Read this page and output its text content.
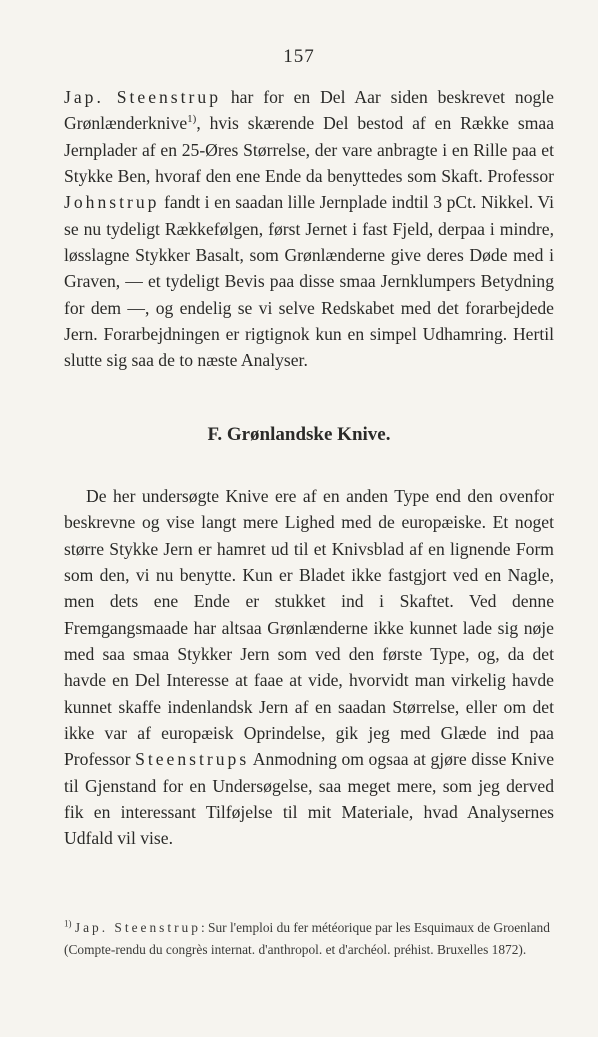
157

Jap. Steenstrup har for en Del Aar siden beskrevet nogle Grønlænderknive$^{1)}$, hvis skærende Del bestod af en Række smaa Jernplader af en 25-Øres Størrelse, der vare anbragte i en Rille paa et Stykke Ben, hvoraf den ene Ende da benyttedes som Skaft. Professor Johnstrup fandt i en saadan lille Jernplade indtil 3 pCt. Nikkel. Vi se nu tydeligt Rækkefølgen, først Jernet i fast Fjeld, derpaa i mindre, løsslagne Stykker Basalt, som Grønlænderne give deres Døde med i Graven, — et tydeligt Bevis paa disse smaa Jernklumpers Betydning for dem —, og endelig se vi selve Redskabet med det forarbejdede Jern. Forarbejdningen er rigtignok kun en simpel Udhamring. Hertil slutte sig saa de to næste Analyser.

F. Grønlandske Knive.

De her undersøgte Knive ere af en anden Type end den ovenfor beskrevne og vise langt mere Lighed med de europæiske. Et noget større Stykke Jern er hamret ud til et Knivsblad af en lignende Form som den, vi nu benytte. Kun er Bladet ikke fastgjort ved en Nagle, men dets ene Ende er stukket ind i Skaftet. Ved denne Fremgangsmaade har altsaa Grønlænderne ikke kunnet lade sig nøje med saa smaa Stykker Jern som ved den første Type, og, da det havde en Del Interesse at faae at vide, hvorvidt man virkelig havde kunnet skaffe indenlandsk Jern af en saadan Størrelse, eller om det ikke var af europæisk Oprindelse, gik jeg med Glæde ind paa Professor Steenstrups Anmodning om ogsaa at gjøre disse Knive til Gjenstand for en Undersøgelse, saa meget mere, som jeg derved fik en interessant Tilføjelse til mit Materiale, hvad Analysernes Udfald vil vise.

$^{1)}$ Jap. Steenstrup: Sur l'emploi du fer météorique par les Esquimaux de Groenland (Compte-rendu du congrès internat. d'anthropol. et d'archéol. préhist. Bruxelles 1872).
